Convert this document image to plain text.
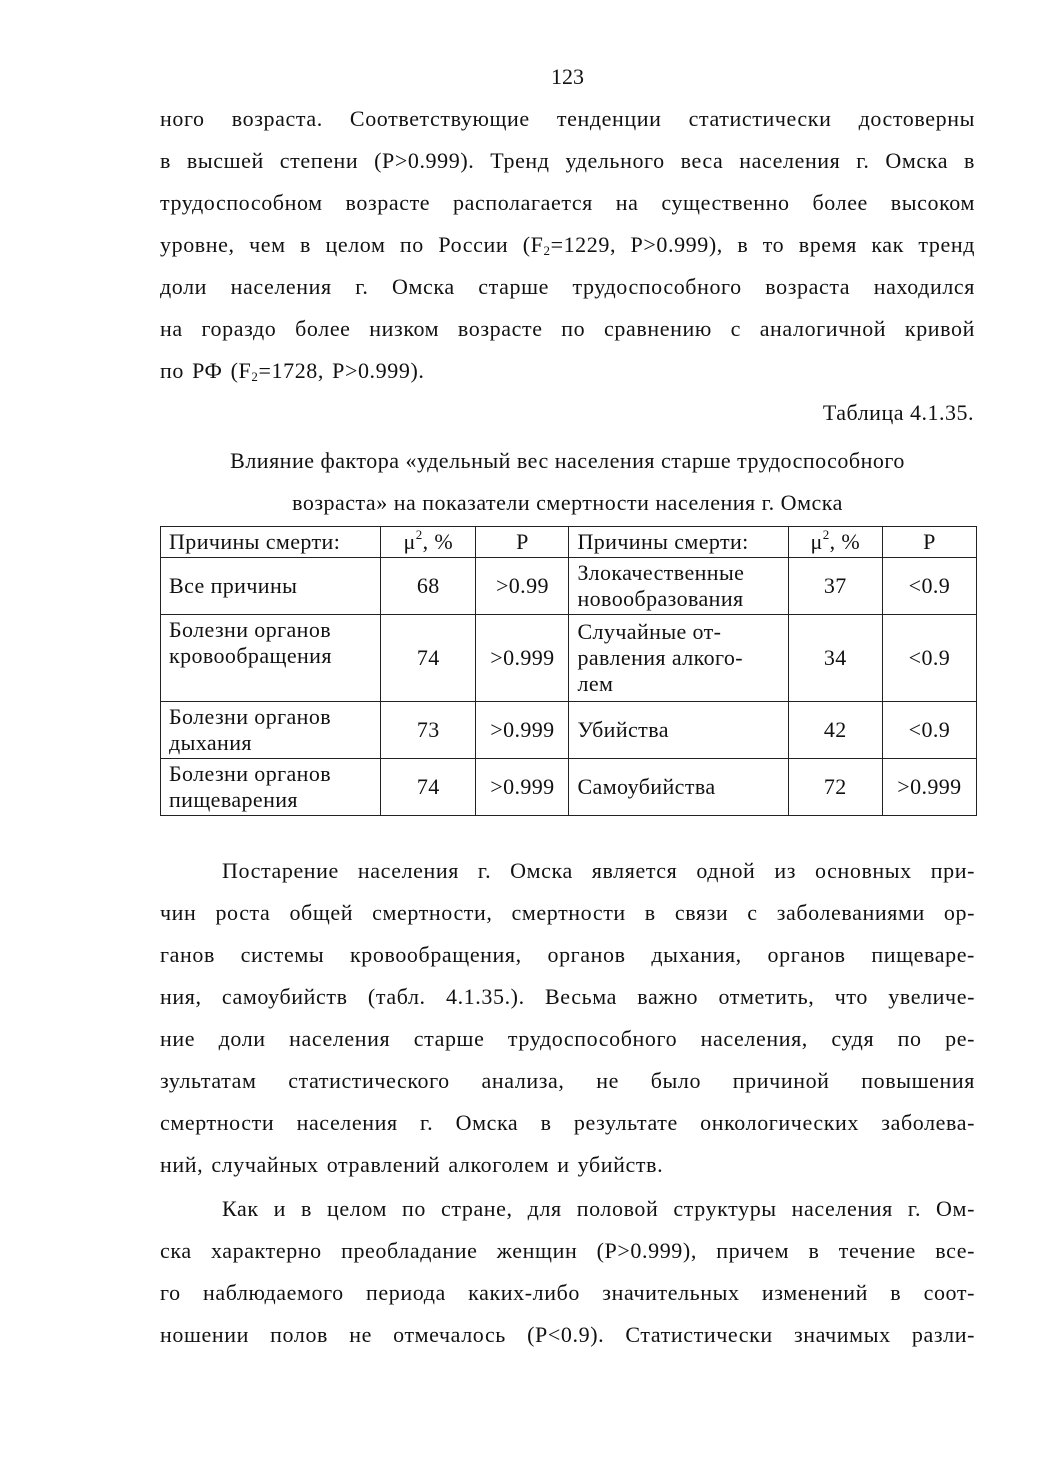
123
ного возраста. Соответствующие тенденции статистически достоверны
в высшей степени (P>0.999). Тренд удельного веса населения г. Омска в
трудоспособном возрасте располагается на существенно более высоком
уровне, чем в целом по России ($F_2=1229$, P>0.999), в то время как тренд
доли населения г. Омска старше трудоспособного возраста находился
на гораздо более низком возрасте по сравнению с аналогичной кривой
по РФ ($F_2=1728$, P>0.999).
Таблица 4.1.35.
Влияние фактора «удельный вес населения старше трудоспособного
возраста» на показатели смертности населения г. Омска
Причины смерти:	$\mu^2$, %	P	Причины смерти:	$\mu^2$, %	P

Все причины	68	>0.99	Злокачественные
новообразования	37	<0.9

Болезни органов
кровообращения	74	>0.999	Случайные от-
равления алкого-
лем	34	<0.9

Болезни органов
дыхания	73	>0.999	Убийства	42	<0.9

Болезни органов
пищеварения	74	>0.999	Самоубийства	72	>0.999
Постарение населения г. Омска является одной из основных при-
чин роста общей смертности, смертности в связи с заболеваниями ор-
ганов системы кровообращения, органов дыхания, органов пищеваре-
ния, самоубийств (табл. 4.1.35.). Весьма важно отметить, что увеличе-
ние доли населения старше трудоспособного населения, судя по ре-
зультатам статистического анализа, не было причиной повышения
смертности населения г. Омска в результате онкологических заболева-
ний, случайных отравлений алкоголем и убийств.
Как и в целом по стране, для половой структуры населения г. Ом-
ска характерно преобладание женщин (P>0.999), причем в течение все-
го наблюдаемого периода каких-либо значительных изменений в соот-
ношении полов не отмечалось (P<0.9). Статистически значимых разли-
